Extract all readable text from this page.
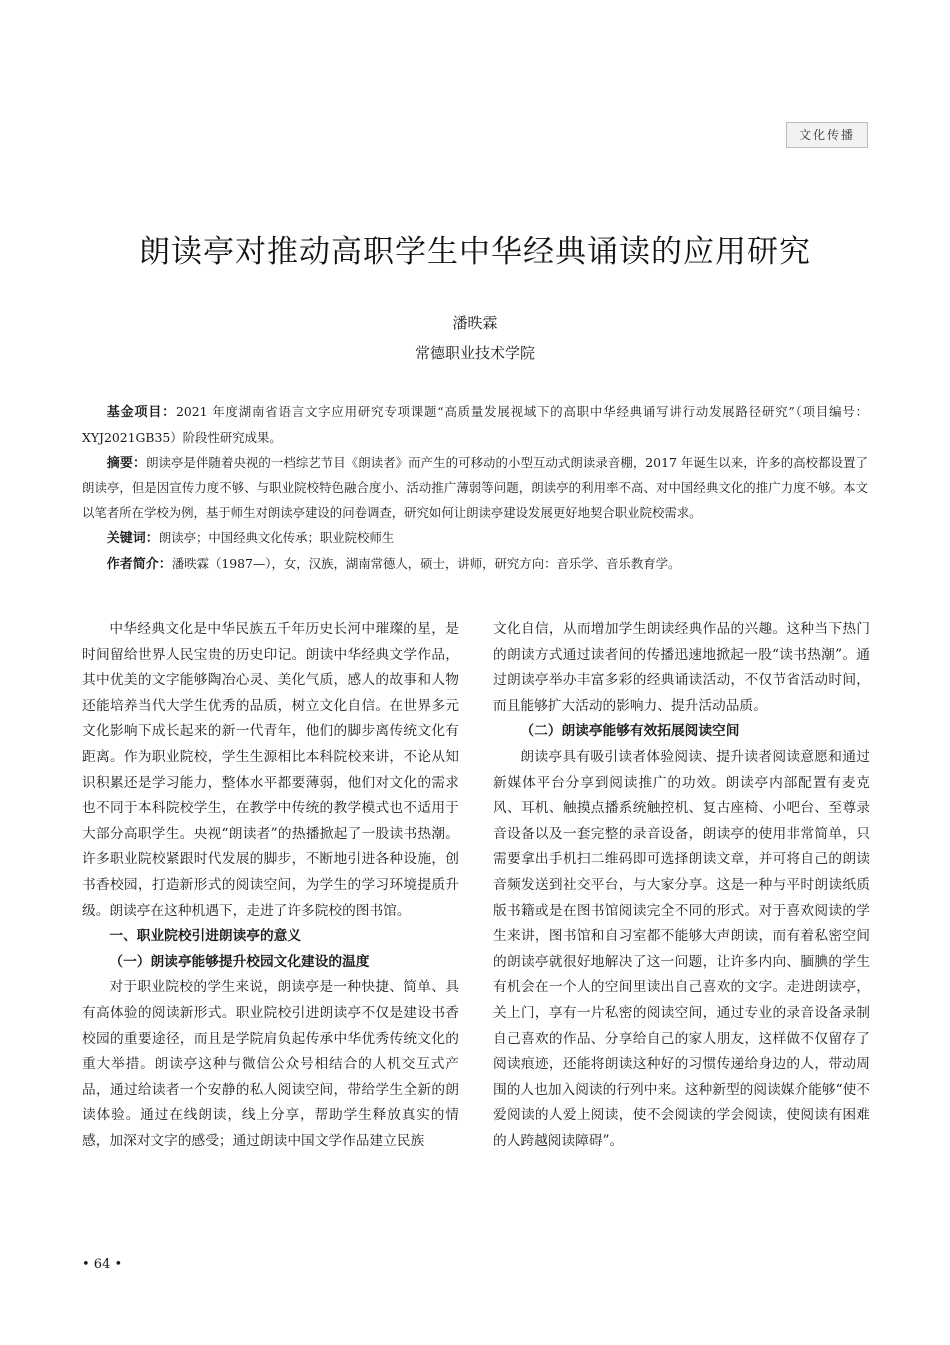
文化传播
朗读亭对推动高职学生中华经典诵读的应用研究
潘昳霖
常德职业技术学院

基金项目：2021 年度湖南省语言文字应用研究专项课题“高质量发展视域下的高职中华经典诵写讲行动发展路径研究”（项目编号：XYJ2021GB35）阶段性研究成果。

摘要：朗读亭是伴随着央视的一档综艺节目《朗读者》而产生的可移动的小型互动式朗读录音棚，2017 年诞生以来，许多的高校都设置了朗读亭，但是因宣传力度不够、与职业院校特色融合度小、活动推广薄弱等问题，朗读亭的利用率不高、对中国经典文化的推广力度不够。本文以笔者所在学校为例，基于师生对朗读亭建设的问卷调查，研究如何让朗读亭建设发展更好地契合职业院校需求。

关键词：朗读亭；中国经典文化传承；职业院校师生

作者简介：潘昳霖（1987—），女，汉族，湖南常德人，硕士，讲师，研究方向：音乐学、音乐教育学。

中华经典文化是中华民族五千年历史长河中璀璨的星，是时间留给世界人民宝贵的历史印记。朗读中华经典文学作品，其中优美的文字能够陶冶心灵、美化气质，感人的故事和人物还能培养当代大学生优秀的品质，树立文化自信。在世界多元文化影响下成长起来的新一代青年，他们的脚步离传统文化有距离。作为职业院校，学生生源相比本科院校来讲，不论从知识积累还是学习能力，整体水平都要薄弱，他们对文化的需求也不同于本科院校学生，在教学中传统的教学模式也不适用于大部分高职学生。央视“朗读者”的热播掀起了一股读书热潮。许多职业院校紧跟时代发展的脚步，不断地引进各种设施，创书香校园，打造新形式的阅读空间，为学生的学习环境提质升级。朗读亭在这种机遇下，走进了许多院校的图书馆。

一、职业院校引进朗读亭的意义

（一）朗读亭能够提升校园文化建设的温度

对于职业院校的学生来说，朗读亭是一种快捷、简单、具有高体验的阅读新形式。职业院校引进朗读亭不仅是建设书香校园的重要途径，而且是学院肩负起传承中华优秀传统文化的重大举措。朗读亭这种与微信公众号相结合的人机交互式产品，通过给读者一个安静的私人阅读空间，带给学生全新的朗读体验。通过在线朗读，线上分享，帮助学生释放真实的情感，加深对文字的感受；通过朗读中国文学作品建立民族

文化自信，从而增加学生朗读经典作品的兴趣。这种当下热门的朗读方式通过读者间的传播迅速地掀起一股“读书热潮”。通过朗读亭举办丰富多彩的经典诵读活动，不仅节省活动时间，而且能够扩大活动的影响力、提升活动品质。

（二）朗读亭能够有效拓展阅读空间

朗读亭具有吸引读者体验阅读、提升读者阅读意愿和通过新媒体平台分享到阅读推广的功效。朗读亭内部配置有麦克风、耳机、触摸点播系统触控机、复古座椅、小吧台、至尊录音设备以及一套完整的录音设备，朗读亭的使用非常简单，只需要拿出手机扫二维码即可选择朗读文章，并可将自己的朗读音频发送到社交平台，与大家分享。这是一种与平时朗读纸质版书籍或是在图书馆阅读完全不同的形式。对于喜欢阅读的学生来讲，图书馆和自习室都不能够大声朗读，而有着私密空间的朗读亭就很好地解决了这一问题，让许多内向、腼腆的学生有机会在一个人的空间里读出自己喜欢的文字。走进朗读亭，关上门，享有一片私密的阅读空间，通过专业的录音设备录制自己喜欢的作品、分享给自己的家人朋友，这样做不仅留存了阅读痕迹，还能将朗读这种好的习惯传递给身边的人，带动周围的人也加入阅读的行列中来。这种新型的阅读媒介能够“使不爱阅读的人爱上阅读，使不会阅读的学会阅读，使阅读有困难的人跨越阅读障碍”。

• 64 •
